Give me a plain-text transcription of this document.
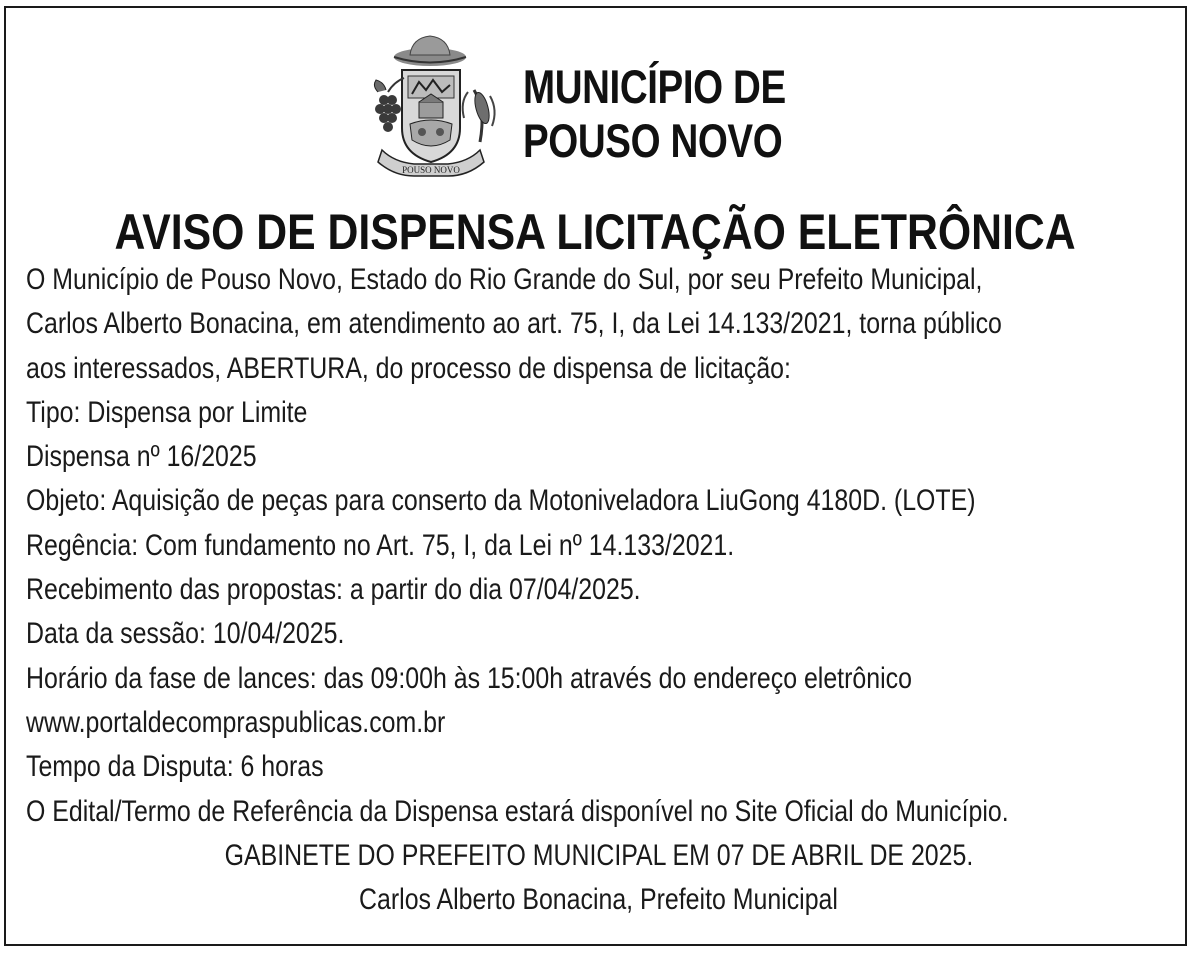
POUSO NOVO
MUNICÍPIO DE
POUSO NOVO
AVISO DE DISPENSA LICITAÇÃO ELETRÔNICA
O Município de Pouso Novo, Estado do Rio Grande do Sul, por seu Prefeito Municipal,
Carlos Alberto Bonacina, em atendimento ao art. 75, I, da Lei 14.133/2021, torna público
aos interessados, ABERTURA, do processo de dispensa de licitação:
Tipo: Dispensa por Limite
Dispensa nº 16/2025
Objeto: Aquisição de peças para conserto da Motoniveladora LiuGong 4180D. (LOTE)
Regência: Com fundamento no Art. 75, I, da Lei nº 14.133/2021.
Recebimento das propostas: a partir do dia 07/04/2025.
Data da sessão: 10/04/2025.
Horário da fase de lances: das 09:00h às 15:00h através do endereço eletrônico
www.portaldecompraspublicas.com.br
Tempo da Disputa: 6 horas
O Edital/Termo de Referência da Dispensa estará disponível no Site Oficial do Município.
GABINETE DO PREFEITO MUNICIPAL EM 07 DE ABRIL DE 2025.
Carlos Alberto Bonacina, Prefeito Municipal
